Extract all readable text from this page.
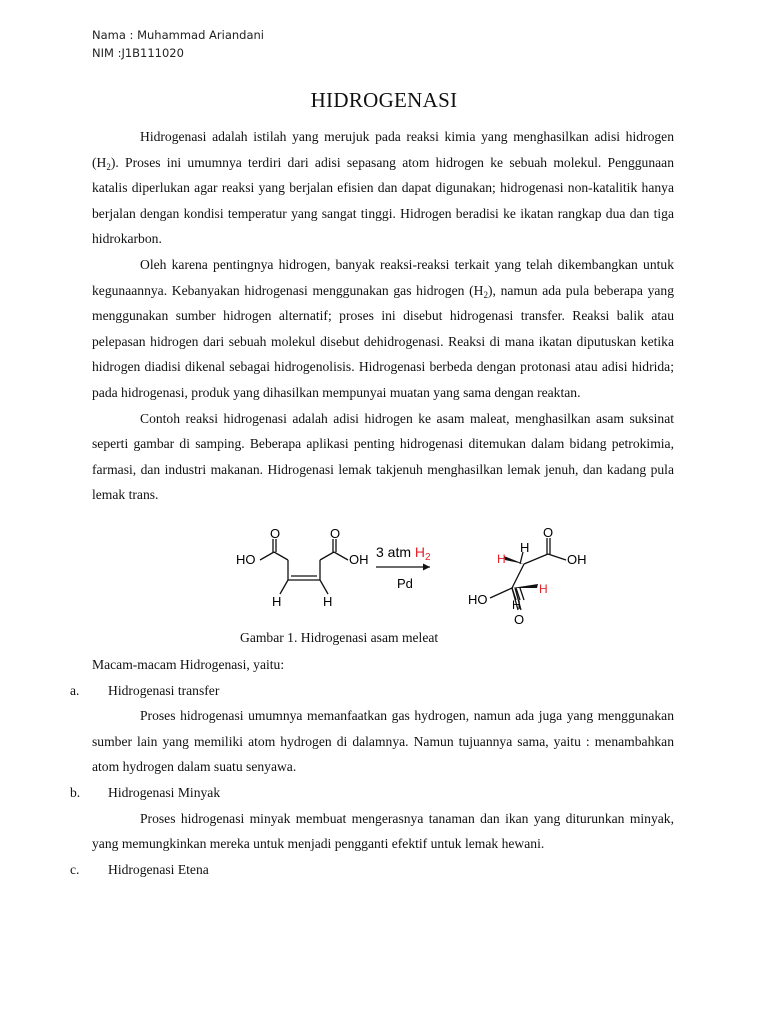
Nama : Muhammad Ariandani
NIM :J1B111020
HIDROGENASI

Hidrogenasi adalah istilah yang merujuk pada reaksi kimia yang menghasilkan adisi hidrogen $(H_2)$. Proses ini umumnya terdiri dari adisi sepasang atom hidrogen ke sebuah molekul. Penggunaan katalis diperlukan agar reaksi yang berjalan efisien dan dapat digunakan; hidrogenasi non-katalitik hanya berjalan dengan kondisi temperatur yang sangat tinggi. Hidrogen beradisi ke ikatan rangkap dua dan tiga hidrokarbon.

Oleh karena pentingnya hidrogen, banyak reaksi-reaksi terkait yang telah dikembangkan untuk kegunaannya. Kebanyakan hidrogenasi menggunakan gas hidrogen $(H_2)$, namun ada pula beberapa yang menggunakan sumber hidrogen alternatif; proses ini disebut hidrogenasi transfer. Reaksi balik atau pelepasan hidrogen dari sebuah molekul disebut dehidrogenasi. Reaksi di mana ikatan diputuskan ketika hidrogen diadisi dikenal sebagai hidrogenolisis. Hidrogenasi berbeda dengan protonasi atau adisi hidrida; pada hidrogenasi, produk yang dihasilkan mempunyai muatan yang sama dengan reaktan.

Contoh reaksi hidrogenasi adalah adisi hidrogen ke asam maleat, menghasilkan asam suksinat seperti gambar di samping. Beberapa aplikasi penting hidrogenasi ditemukan dalam bidang petrokimia, farmasi, dan industri makanan. Hidrogenasi lemak takjenuh menghasilkan lemak jenuh, dan kadang pula lemak trans.

HO
O	O
OH
H	H
3 atm $H_2$
Pd
H
H
H
H
O
OH
HO
O
Gambar 1. Hidrogenasi asam meleat

Macam-macam Hidrogenasi, yaitu:

a. Hidrogenasi transfer

Proses hidrogenasi umumnya memanfaatkan gas hydrogen, namun ada juga yang menggunakan sumber lain yang memiliki atom hydrogen di dalamnya. Namun tujuannya sama, yaitu : menambahkan atom hydrogen dalam suatu senyawa.

b. Hidrogenasi Minyak

Proses hidrogenasi minyak membuat mengerasnya tanaman dan ikan yang diturunkan minyak, yang memungkinkan mereka untuk menjadi pengganti efektif untuk lemak hewani.

c. Hidrogenasi Etena
